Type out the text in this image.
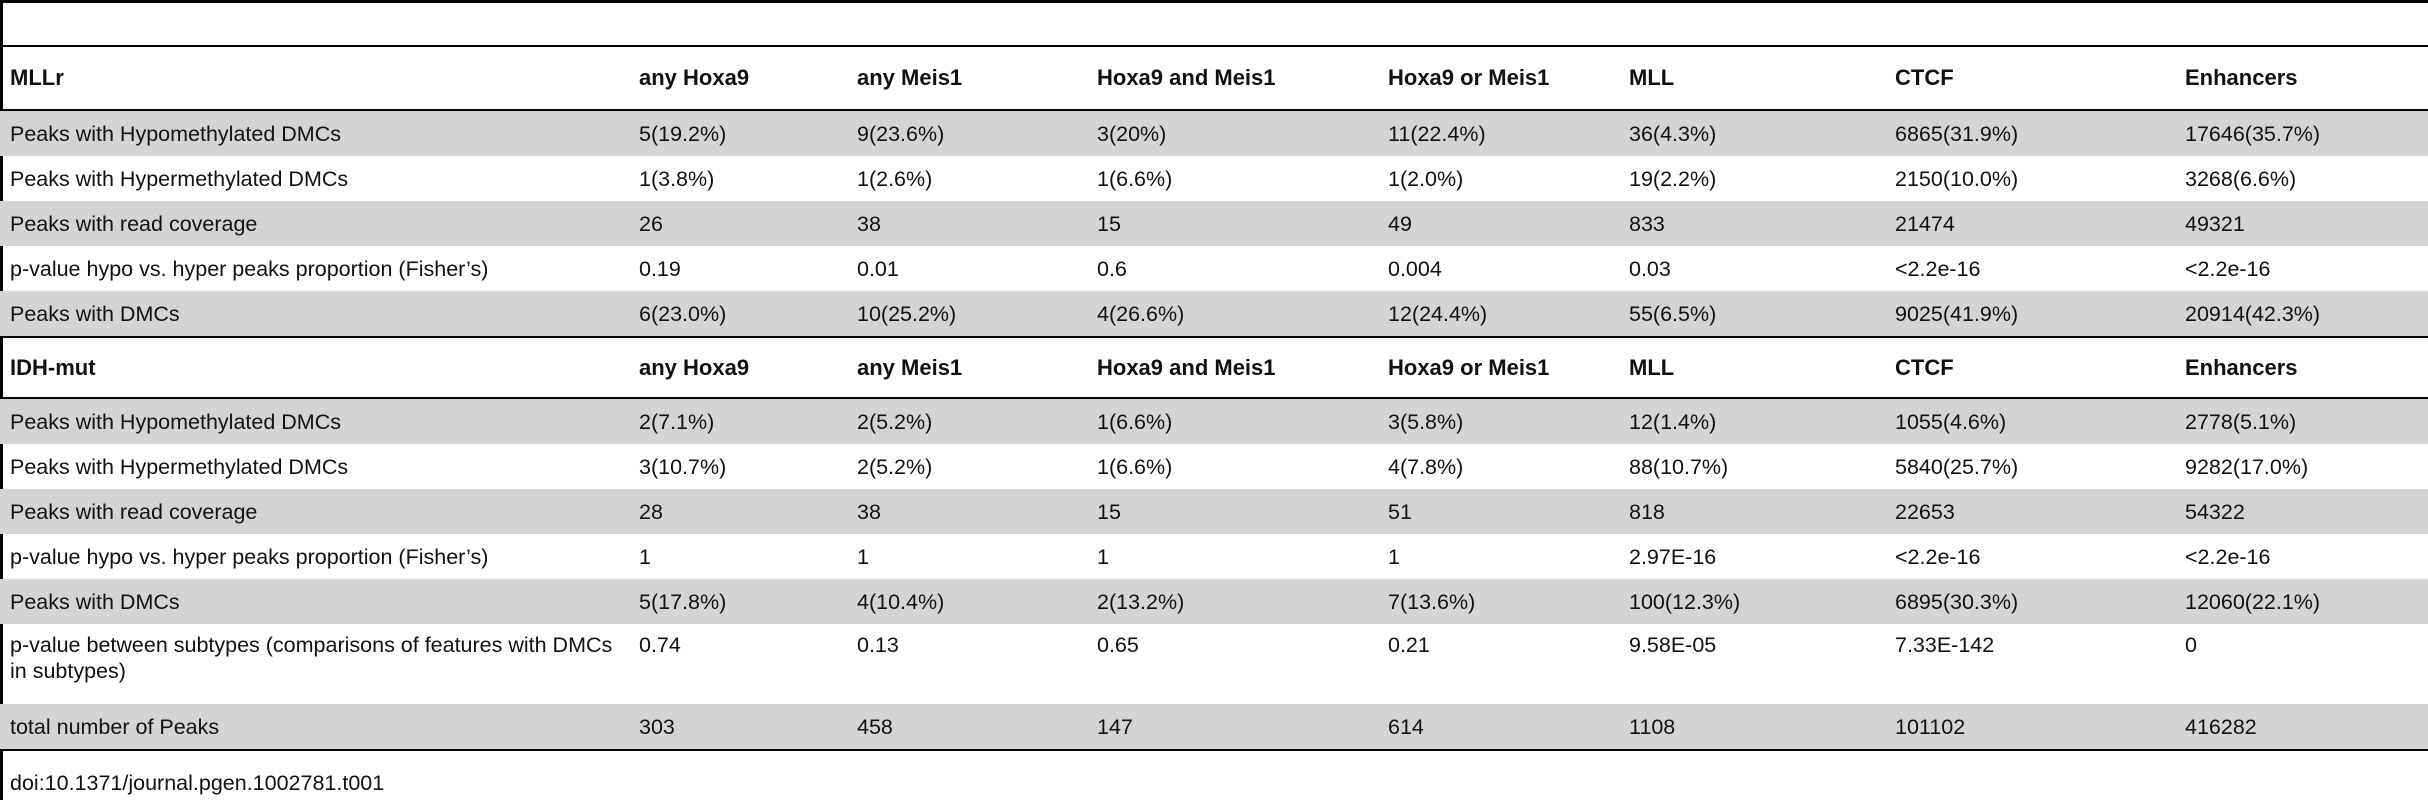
MLLr	any Hoxa9	any Meis1	Hoxa9 and Meis1	Hoxa9 or Meis1	MLL	CTCF	Enhancers
Peaks with Hypomethylated DMCs	5(19.2%)	9(23.6%)	3(20%)	11(22.4%)	36(4.3%)	6865(31.9%)	17646(35.7%)
Peaks with Hypermethylated DMCs	1(3.8%)	1(2.6%)	1(6.6%)	1(2.0%)	19(2.2%)	2150(10.0%)	3268(6.6%)
Peaks with read coverage	26	38	15	49	833	21474	49321
p-value hypo vs. hyper peaks proportion (Fisher’s)	0.19	0.01	0.6	0.004	0.03	<2.2e-16	<2.2e-16
Peaks with DMCs	6(23.0%)	10(25.2%)	4(26.6%)	12(24.4%)	55(6.5%)	9025(41.9%)	20914(42.3%)
IDH-mut	any Hoxa9	any Meis1	Hoxa9 and Meis1	Hoxa9 or Meis1	MLL	CTCF	Enhancers
Peaks with Hypomethylated DMCs	2(7.1%)	2(5.2%)	1(6.6%)	3(5.8%)	12(1.4%)	1055(4.6%)	2778(5.1%)
Peaks with Hypermethylated DMCs	3(10.7%)	2(5.2%)	1(6.6%)	4(7.8%)	88(10.7%)	5840(25.7%)	9282(17.0%)
Peaks with read coverage	28	38	15	51	818	22653	54322
p-value hypo vs. hyper peaks proportion (Fisher’s)	1	1	1	1	2.97E-16	<2.2e-16	<2.2e-16
Peaks with DMCs	5(17.8%)	4(10.4%)	2(13.2%)	7(13.6%)	100(12.3%)	6895(30.3%)	12060(22.1%)
p-value between subtypes (comparisons of features with DMCs in subtypes)	0.74	0.13	0.65	0.21	9.58E-05	7.33E-142	0
total number of Peaks	303	458	147	614	1108	101102	416282
doi:10.1371/journal.pgen.1002781.t001
